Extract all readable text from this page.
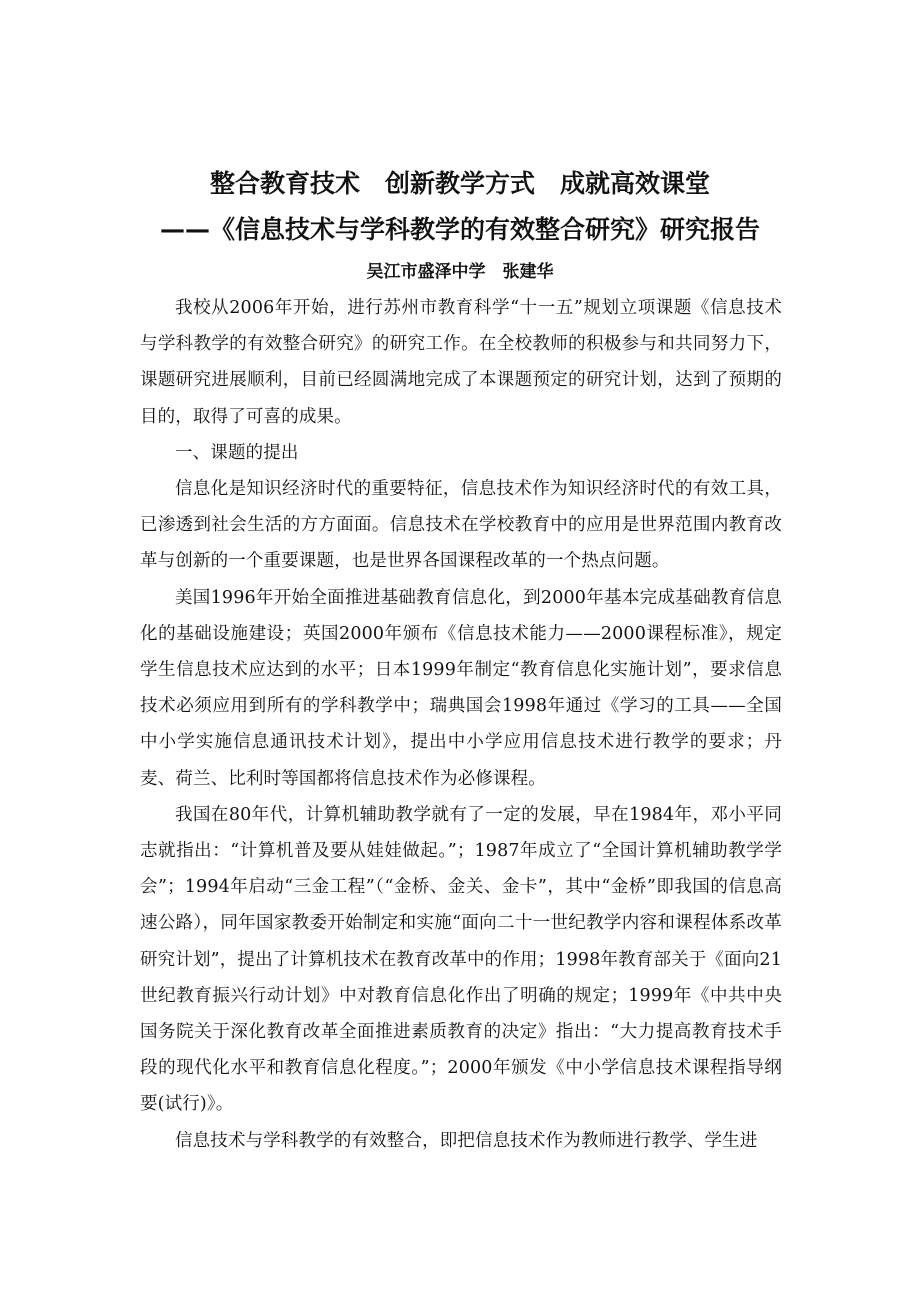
整合教育技术　创新教学方式　成就高效课堂
——《信息技术与学科教学的有效整合研究》研究报告
吴江市盛泽中学　张建华

我校从2006年开始，进行苏州市教育科学“十一五”规划立项课题《信息技术与学科教学的有效整合研究》的研究工作。在全校教师的积极参与和共同努力下，课题研究进展顺利，目前已经圆满地完成了本课题预定的研究计划，达到了预期的目的，取得了可喜的成果。

一、课题的提出

信息化是知识经济时代的重要特征，信息技术作为知识经济时代的有效工具，已渗透到社会生活的方方面面。信息技术在学校教育中的应用是世界范围内教育改革与创新的一个重要课题，也是世界各国课程改革的一个热点问题。

美国1996年开始全面推进基础教育信息化，到2000年基本完成基础教育信息化的基础设施建设；英国2000年颁布《信息技术能力——2000课程标准》，规定学生信息技术应达到的水平；日本1999年制定“教育信息化实施计划”，要求信息技术必须应用到所有的学科教学中；瑞典国会1998年通过《学习的工具——全国中小学实施信息通讯技术计划》，提出中小学应用信息技术进行教学的要求；丹麦、荷兰、比利时等国都将信息技术作为必修课程。

我国在80年代，计算机辅助教学就有了一定的发展，早在1984年，邓小平同志就指出：“计算机普及要从娃娃做起。”；1987年成立了“全国计算机辅助教学学会”；1994年启动“三金工程”（“金桥、金关、金卡”，其中“金桥”即我国的信息高速公路），同年国家教委开始制定和实施“面向二十一世纪教学内容和课程体系改革研究计划”，提出了计算机技术在教育改革中的作用；1998年教育部关于《面向21世纪教育振兴行动计划》中对教育信息化作出了明确的规定；1999年《中共中央国务院关于深化教育改革全面推进素质教育的决定》指出：“大力提高教育技术手段的现代化水平和教育信息化程度。”；2000年颁发《中小学信息技术课程指导纲要(试行)》。

信息技术与学科教学的有效整合，即把信息技术作为教师进行教学、学生进
